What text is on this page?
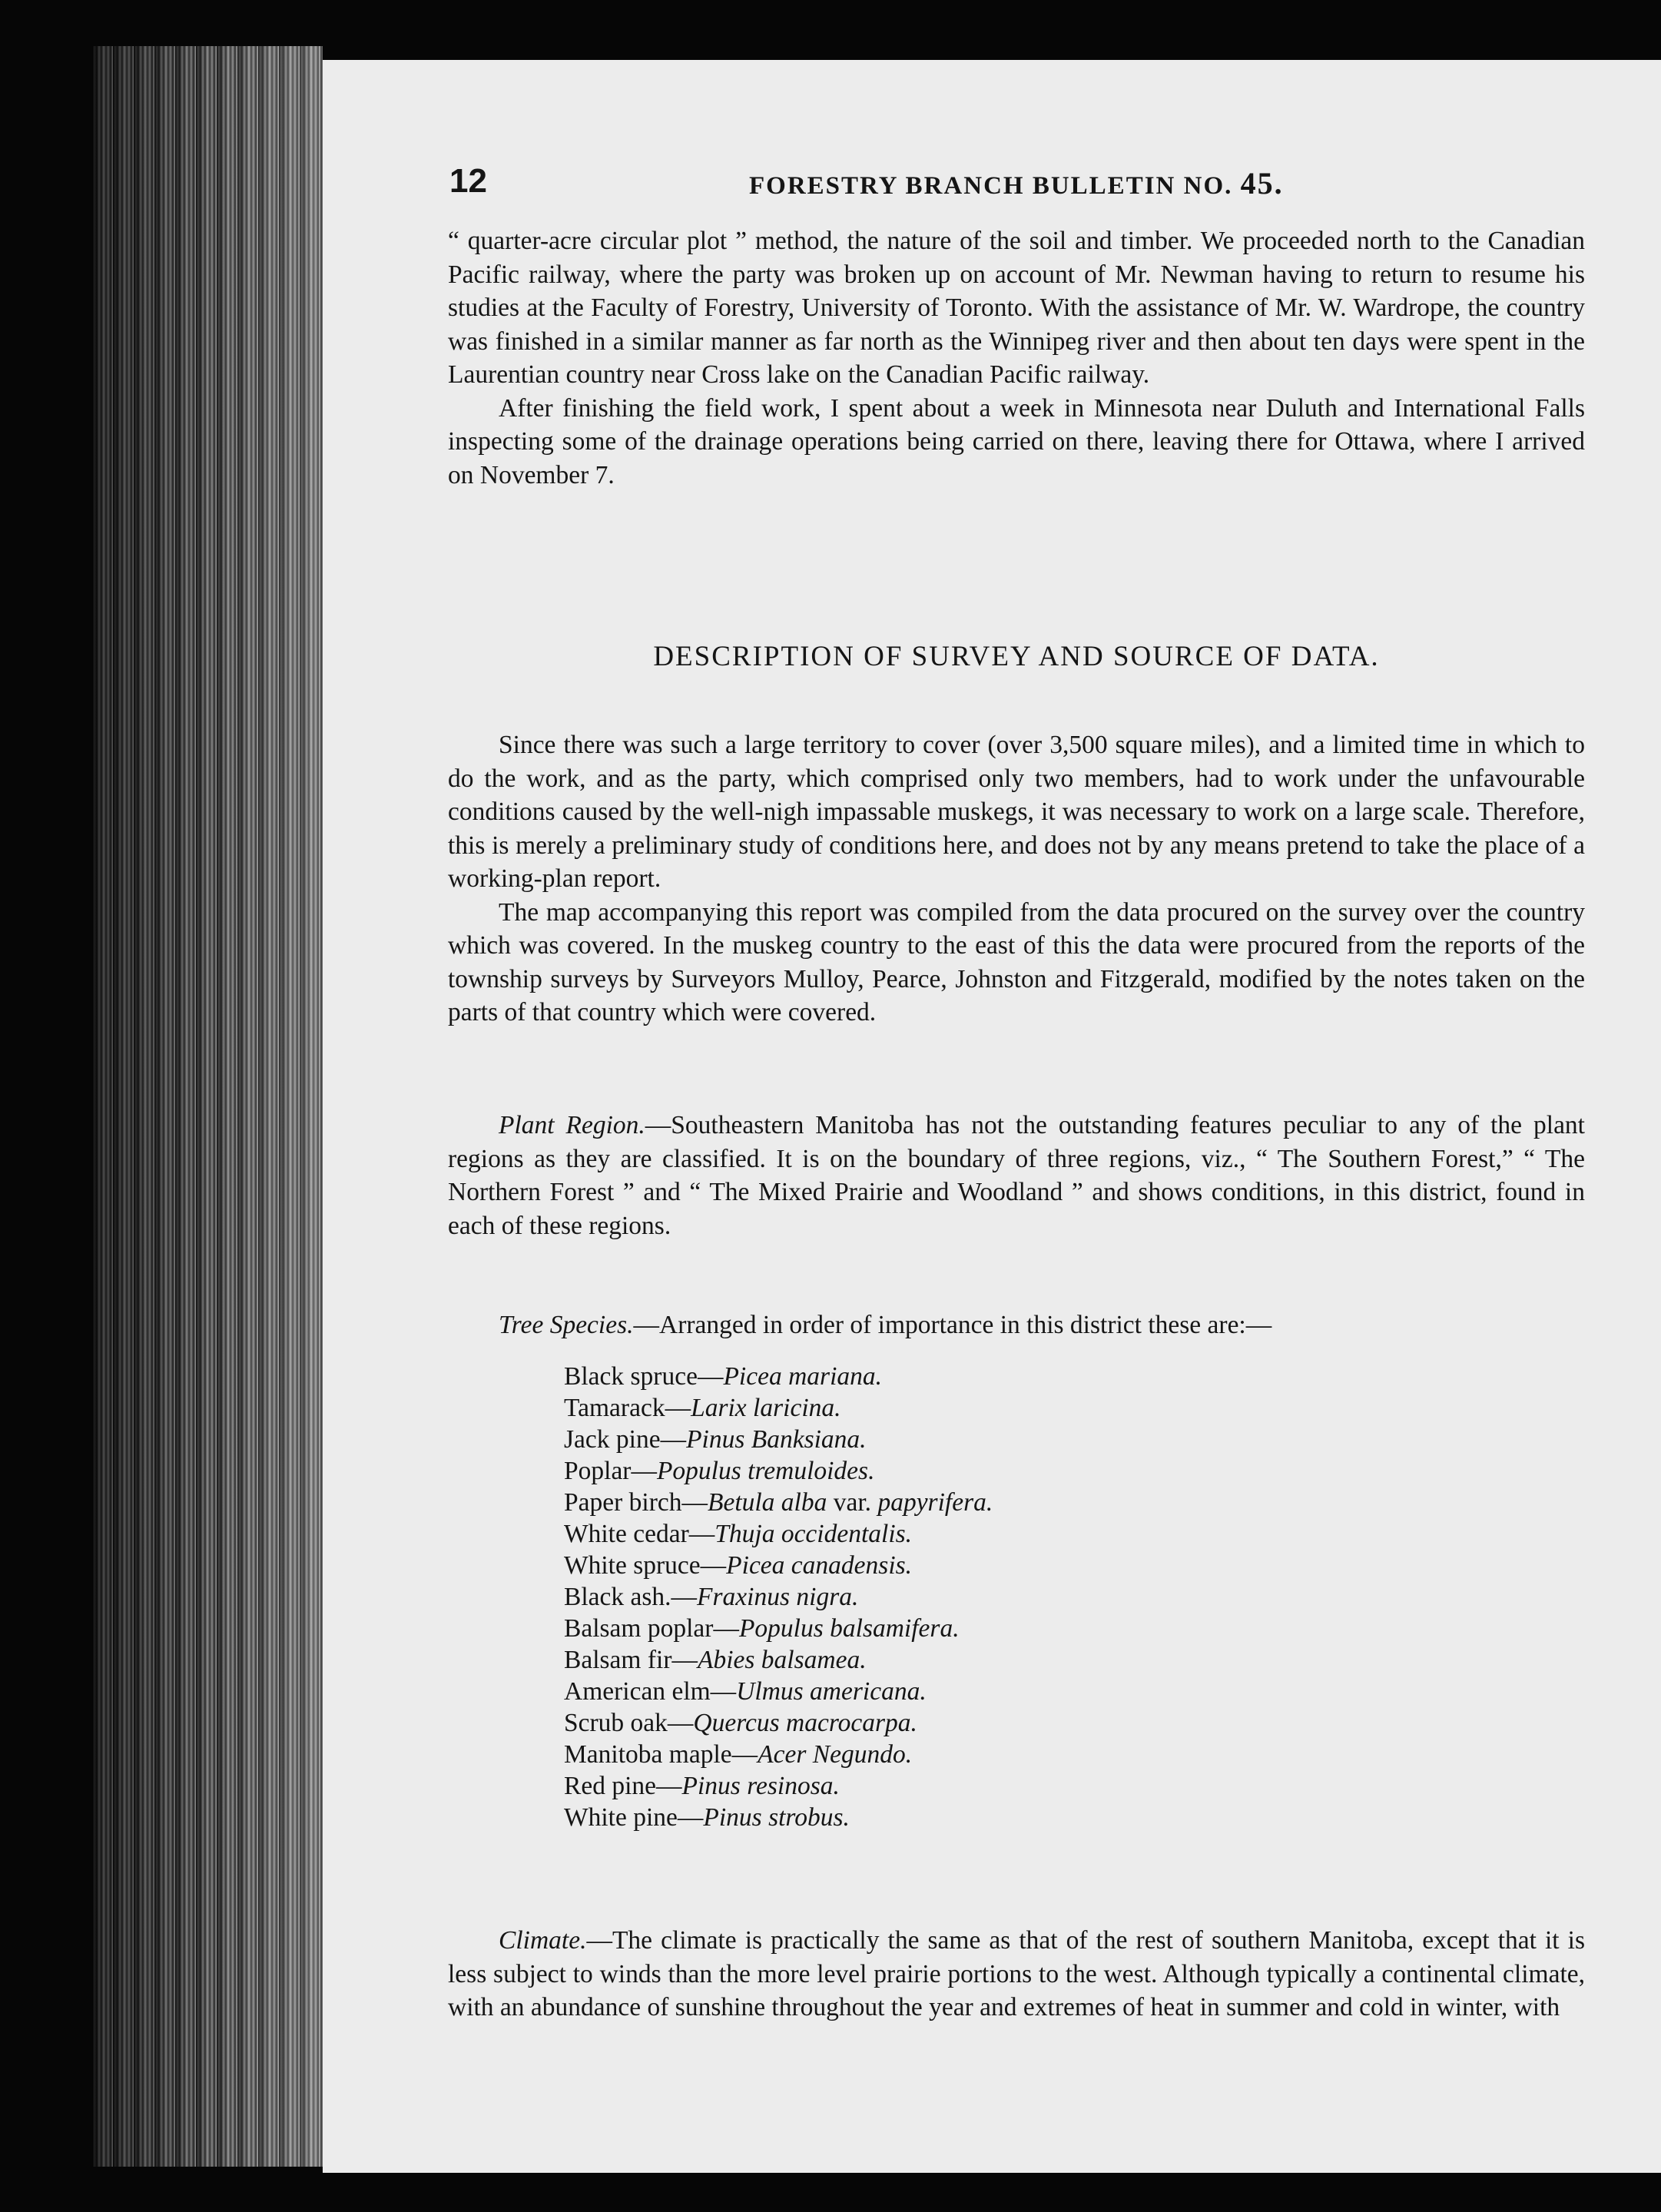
12	FORESTRY BRANCH BULLETIN NO. 45.

“ quarter-acre circular plot ” method, the nature of the soil and timber. We proceeded north to the Canadian Pacific railway, where the party was broken up on account of Mr. Newman having to return to resume his studies at the Faculty of Forestry, University of Toronto. With the assistance of Mr. W. Wardrope, the country was finished in a similar manner as far north as the Winnipeg river and then about ten days were spent in the Laurentian country near Cross lake on the Canadian Pacific railway.

After finishing the field work, I spent about a week in Minnesota near Duluth and International Falls inspecting some of the drainage operations being carried on there, leaving there for Ottawa, where I arrived on November 7.

DESCRIPTION OF SURVEY AND SOURCE OF DATA.

Since there was such a large territory to cover (over 3,500 square miles), and a limited time in which to do the work, and as the party, which comprised only two members, had to work under the unfavourable conditions caused by the well-nigh impassable muskegs, it was necessary to work on a large scale. Therefore, this is merely a preliminary study of conditions here, and does not by any means pretend to take the place of a working-plan report.

The map accompanying this report was compiled from the data procured on the survey over the country which was covered. In the muskeg country to the east of this the data were procured from the reports of the township surveys by Surveyors Mulloy, Pearce, Johnston and Fitzgerald, modified by the notes taken on the parts of that country which were covered.

Plant Region.—Southeastern Manitoba has not the outstanding features peculiar to any of the plant regions as they are classified. It is on the boundary of three regions, viz., “ The Southern Forest,” “ The Northern Forest ” and “ The Mixed Prairie and Woodland ” and shows conditions, in this district, found in each of these regions.

Tree Species.—Arranged in order of importance in this district these are:—

Black spruce—Picea mariana.
Tamarack—Larix laricina.
Jack pine—Pinus Banksiana.
Poplar—Populus tremuloides.
Paper birch—Betula alba var. papyrifera.
White cedar—Thuja occidentalis.
White spruce—Picea canadensis.
Black ash.—Fraxinus nigra.
Balsam poplar—Populus balsamifera.
Balsam fir—Abies balsamea.
American elm—Ulmus americana.
Scrub oak—Quercus macrocarpa.
Manitoba maple—Acer Negundo.
Red pine—Pinus resinosa.
White pine—Pinus strobus.

Climate.—The climate is practically the same as that of the rest of southern Manitoba, except that it is less subject to winds than the more level prairie portions to the west. Although typically a continental climate, with an abundance of sunshine throughout the year and extremes of heat in summer and cold in winter, with
